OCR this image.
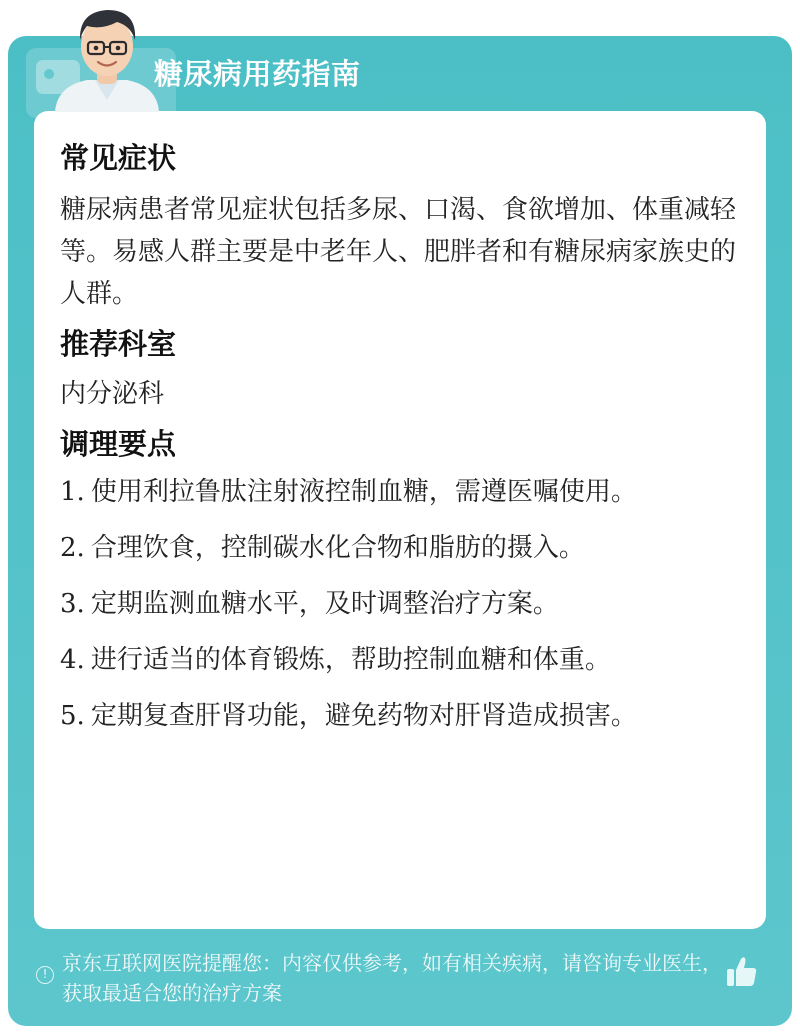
糖尿病用药指南
常见症状
糖尿病患者常见症状包括多尿、口渴、食欲增加、体重减轻等。易感人群主要是中老年人、肥胖者和有糖尿病家族史的人群。
推荐科室
内分泌科
调理要点
1. 使用利拉鲁肽注射液控制血糖，需遵医嘱使用。
2. 合理饮食，控制碳水化合物和脂肪的摄入。
3. 定期监测血糖水平，及时调整治疗方案。
4. 进行适当的体育锻炼，帮助控制血糖和体重。
5. 定期复查肝肾功能，避免药物对肝肾造成损害。
! 京东互联网医院提醒您：内容仅供参考，如有相关疾病，请咨询专业医生，获取最适合您的治疗方案
